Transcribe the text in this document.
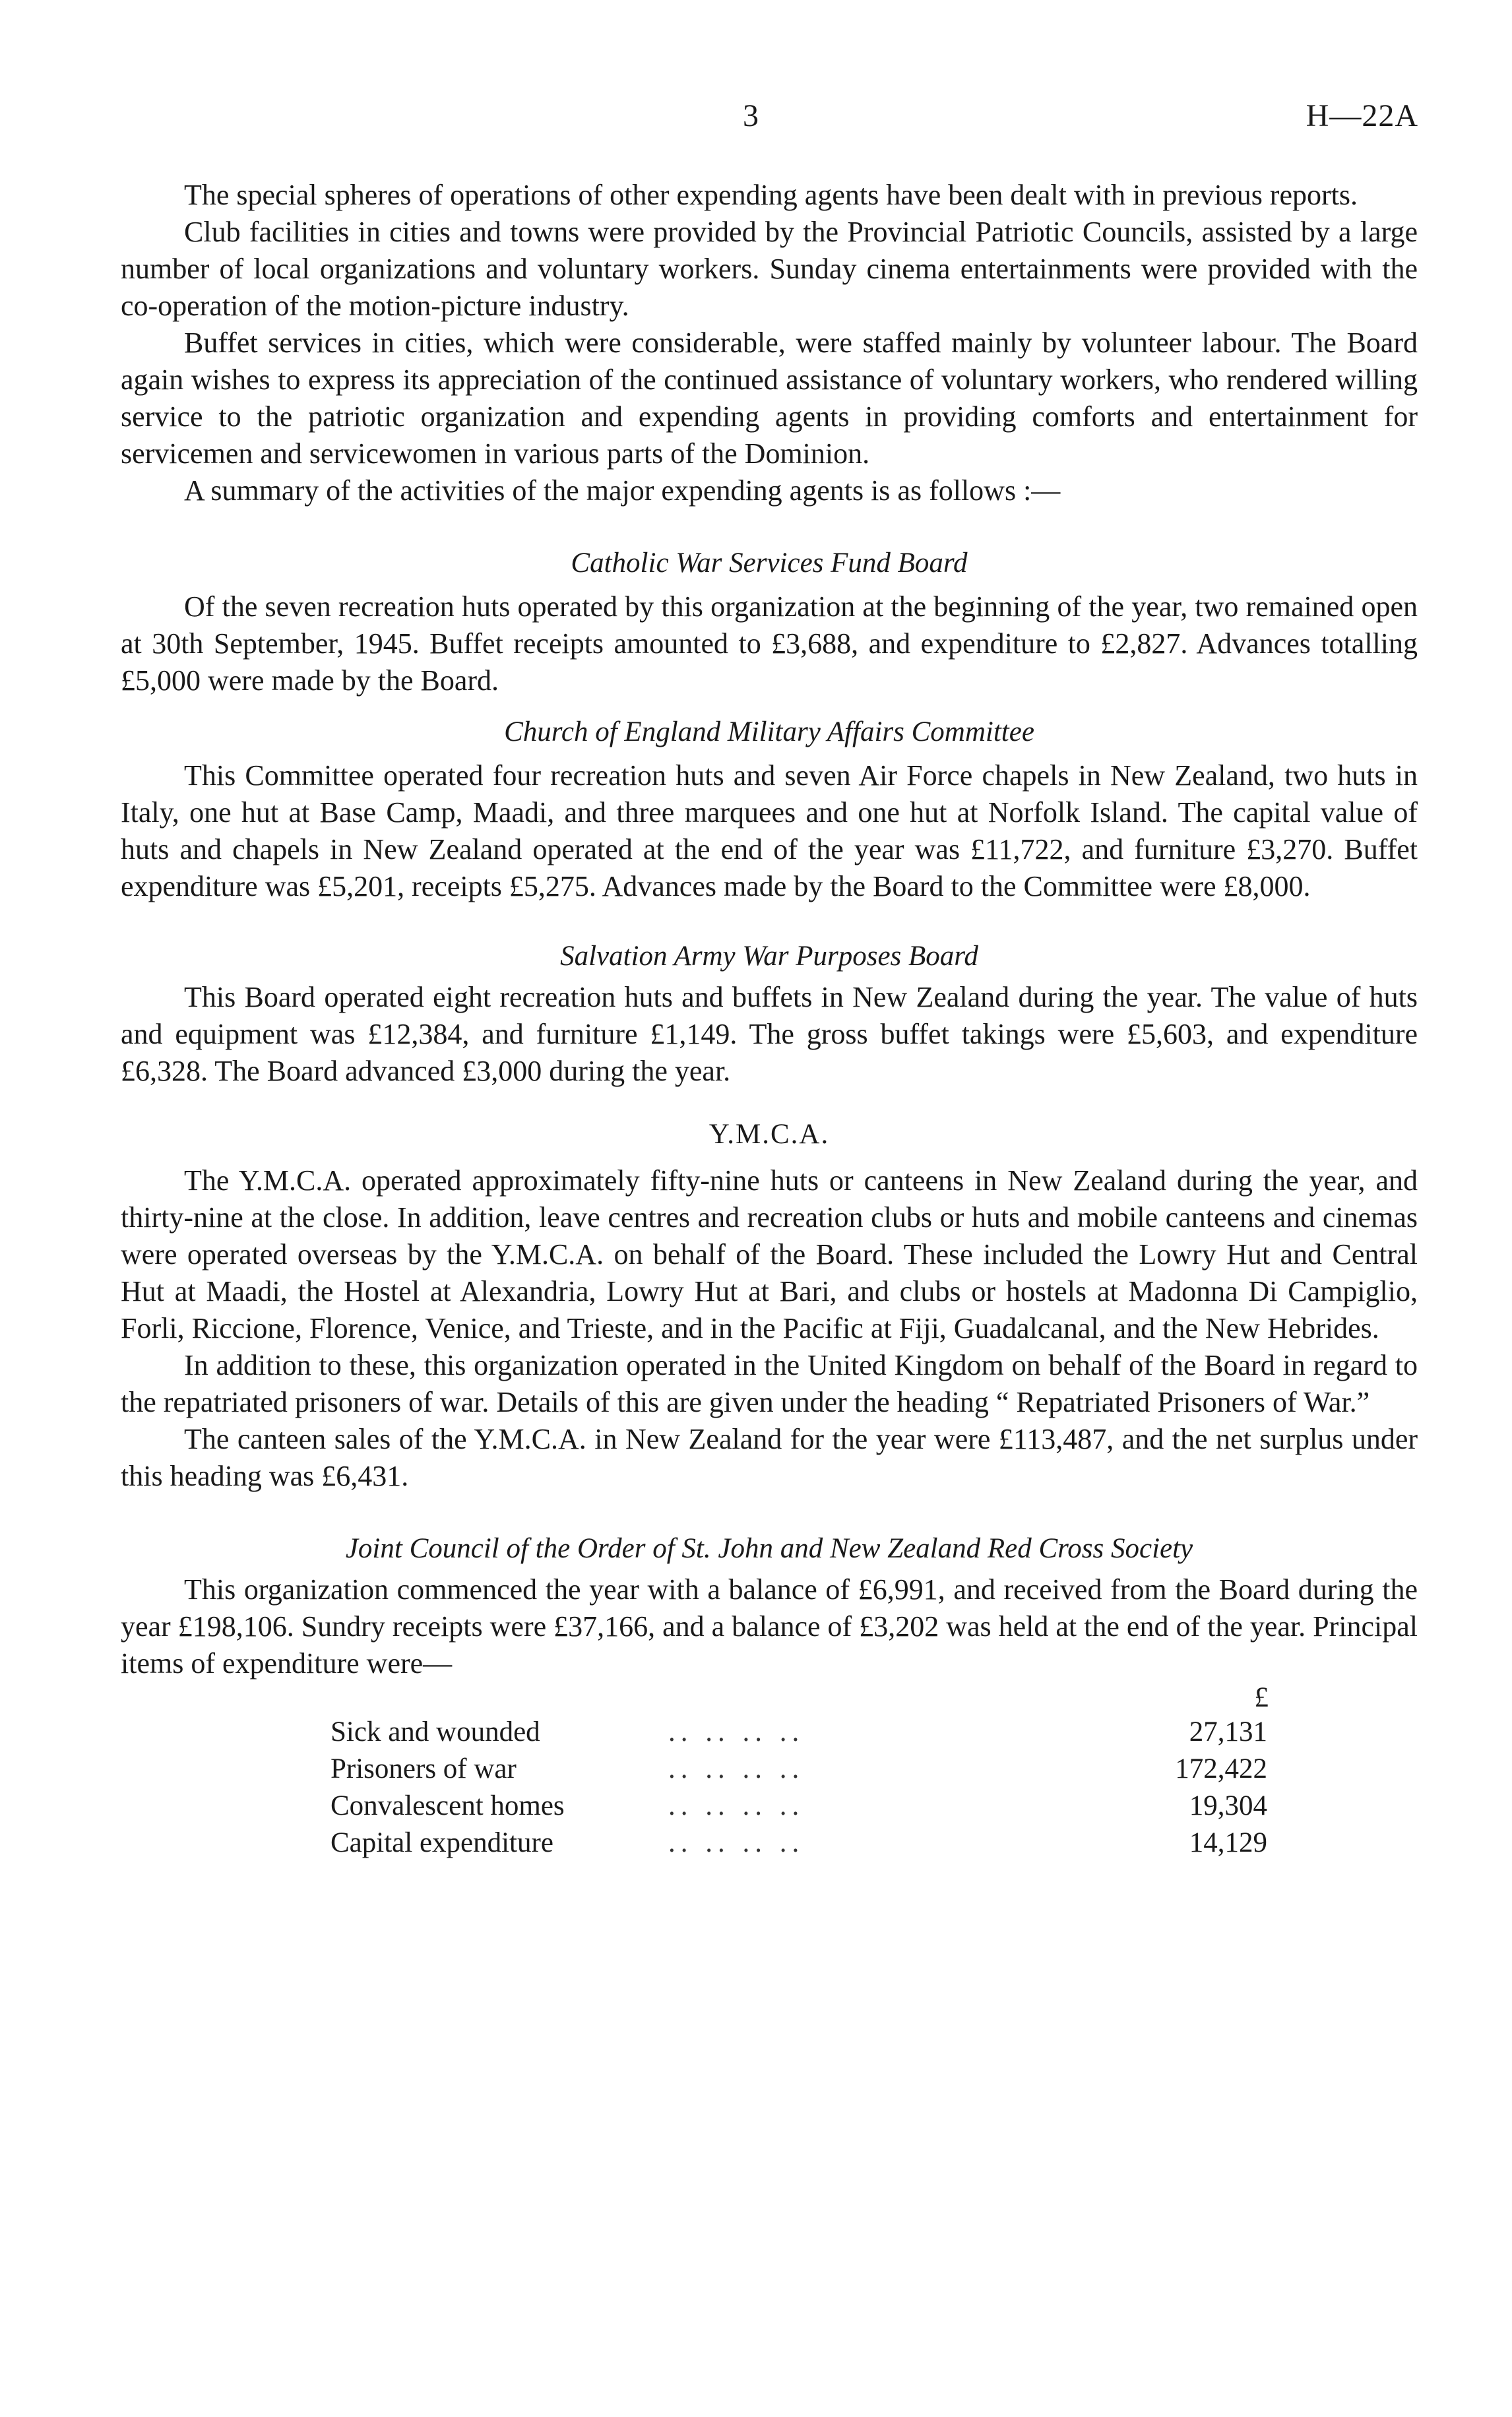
3	H—22A

The special spheres of operations of other expending agents have been dealt with in previous reports.

Club facilities in cities and towns were provided by the Provincial Patriotic Councils, assisted by a large number of local organizations and voluntary workers. Sunday cinema entertainments were provided with the co-operation of the motion-picture industry.

Buffet services in cities, which were considerable, were staffed mainly by volunteer labour. The Board again wishes to express its appreciation of the continued assistance of voluntary workers, who rendered willing service to the patriotic organization and expending agents in providing comforts and entertainment for servicemen and servicewomen in various parts of the Dominion.

A summary of the activities of the major expending agents is as follows :—

Catholic War Services Fund Board

Of the seven recreation huts operated by this organization at the beginning of the year, two remained open at 30th September, 1945. Buffet receipts amounted to £3,688, and expenditure to £2,827. Advances totalling £5,000 were made by the Board.

Church of England Military Affairs Committee

This Committee operated four recreation huts and seven Air Force chapels in New Zealand, two huts in Italy, one hut at Base Camp, Maadi, and three marquees and one hut at Norfolk Island. The capital value of huts and chapels in New Zealand operated at the end of the year was £11,722, and furniture £3,270. Buffet expenditure was £5,201, receipts £5,275. Advances made by the Board to the Committee were £8,000.

Salvation Army War Purposes Board

This Board operated eight recreation huts and buffets in New Zealand during the year. The value of huts and equipment was £12,384, and furniture £1,149. The gross buffet takings were £5,603, and expenditure £6,328. The Board advanced £3,000 during the year.

Y.M.C.A.

The Y.M.C.A. operated approximately fifty-nine huts or canteens in New Zealand during the year, and thirty-nine at the close. In addition, leave centres and recreation clubs or huts and mobile canteens and cinemas were operated overseas by the Y.M.C.A. on behalf of the Board. These included the Lowry Hut and Central Hut at Maadi, the Hostel at Alexandria, Lowry Hut at Bari, and clubs or hostels at Madonna Di Campiglio, Forli, Riccione, Florence, Venice, and Trieste, and in the Pacific at Fiji, Guadalcanal, and the New Hebrides.

In addition to these, this organization operated in the United Kingdom on behalf of the Board in regard to the repatriated prisoners of war. Details of this are given under the heading “ Repatriated Prisoners of War.”

The canteen sales of the Y.M.C.A. in New Zealand for the year were £113,487, and the net surplus under this heading was £6,431.

Joint Council of the Order of St. John and New Zealand Red Cross Society

This organization commenced the year with a balance of £6,991, and received from the Board during the year £198,106. Sundry receipts were £37,166, and a balance of £3,202 was held at the end of the year. Principal items of expenditure were—

£
Sick and wounded	.. .. .. ..	27,131
Prisoners of war	.. .. .. ..	172,422
Convalescent homes	.. .. .. ..	19,304
Capital expenditure	.. .. .. ..	14,129
